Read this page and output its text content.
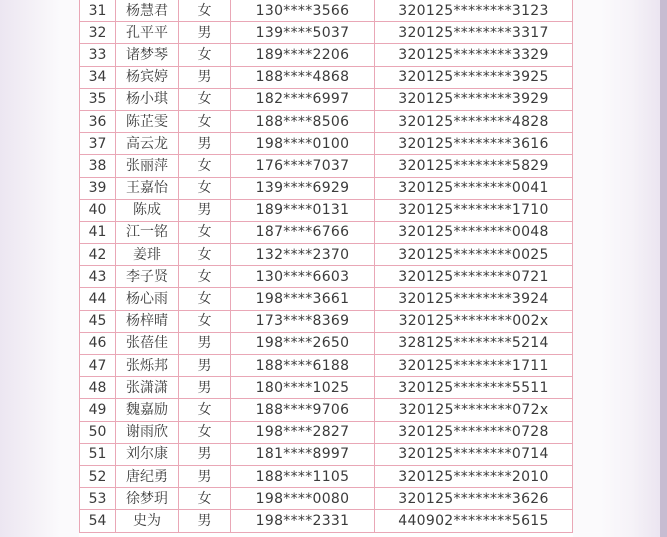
31	杨慧君	女	130****3566	320125********3123
32	孔平平	男	139****5037	320125********3317
33	诸梦琴	女	189****2206	320125********3329
34	杨宾婷	男	188****4868	320125********3925
35	杨小琪	女	182****6997	320125********3929
36	陈芷雯	女	188****8506	320125********4828
37	高云龙	男	198****0100	320125********3616
38	张丽萍	女	176****7037	320125********5829
39	王嘉怡	女	139****6929	320125********0041
40	陈成	男	189****0131	320125********1710
41	江一铭	女	187****6766	320125********0048
42	姜琲	女	132****2370	320125********0025
43	李子贤	女	130****6603	320125********0721
44	杨心雨	女	198****3661	320125********3924
45	杨梓晴	女	173****8369	320125********002x
46	张蓓佳	男	198****2650	328125********5214
47	张烁邦	男	188****6188	320125********1711
48	张潇潇	男	180****1025	320125********5511
49	魏嘉励	女	188****9706	320125********072x
50	谢雨欣	女	198****2827	320125********0728
51	刘尔康	男	181****8997	320125********0714
52	唐纪勇	男	188****1105	320125********2010
53	徐梦玥	女	198****0080	320125********3626
54	史为	男	198****2331	440902********5615
